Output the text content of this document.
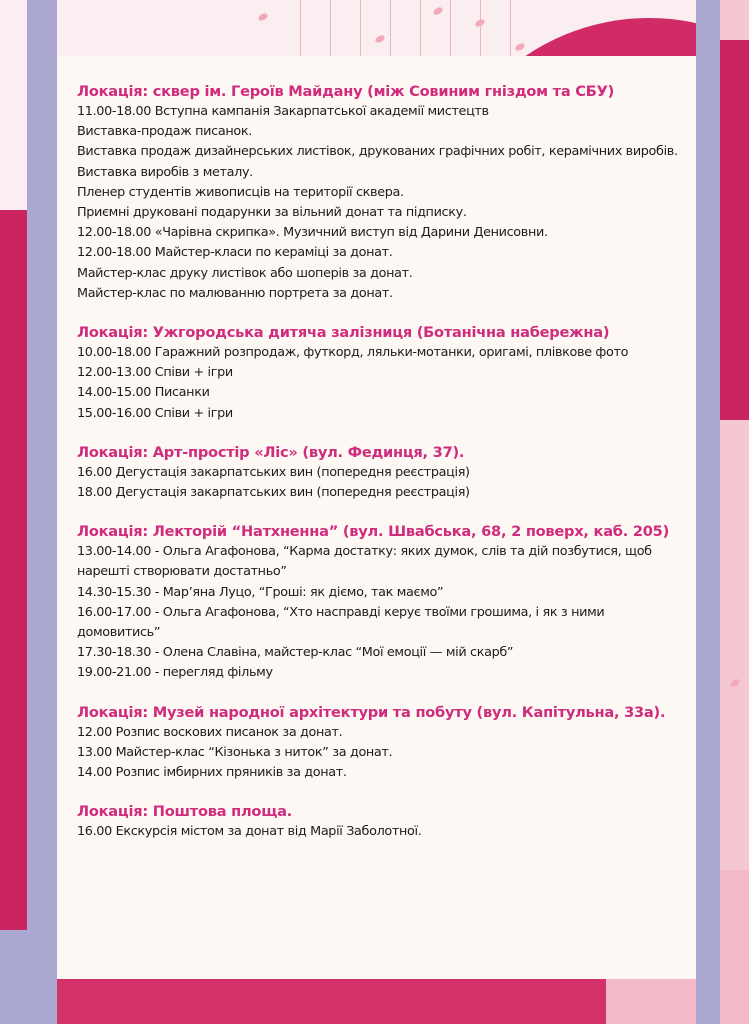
Локація: сквер ім. Героїв Майдану (між Совиним гніздом та СБУ)
11.00-18.00 Вступна кампанія Закарпатської академії мистецтв
Виставка-продаж писанок.
Виставка продаж дизайнерських листівок, друкованих графічних робіт, керамічних виробів.
Виставка виробів з металу.
Пленер студентів живописців на території сквера.
Приємні друковані подарунки за вільний донат та підписку.
12.00-18.00 «Чарівна скрипка». Музичний виступ від Дарини Денисовни.
12.00-18.00 Майстер-класи по кераміці за донат.
Майстер-клас друку листівок або шоперів за донат.
Майстер-клас по малюванню портрета за донат.
Локація: Ужгородська дитяча залізниця (Ботанічна набережна)
10.00-18.00 Гаражний розпродаж, футкорд, ляльки-мотанки, оригамі, плівкове фото
12.00-13.00 Співи + ігри
14.00-15.00 Писанки
15.00-16.00 Співи + ігри
Локація: Арт-простір «Ліс» (вул. Фединця, 37).
16.00 Дегустація закарпатських вин (попередня реєстрація)
18.00 Дегустація закарпатських вин (попередня реєстрація)
Локація: Лекторій “Натхненна” (вул. Швабська, 68, 2 поверх, каб. 205)
13.00-14.00 - Ольга Агафонова, “Карма достатку: яких думок, слів та дій позбутися, щоб
нарешті створювати достатньо”
14.30-15.30 - Мар’яна Луцо, “Гроші: як діємо, так маємо”
16.00-17.00 - Ольга Агафонова, “Хто насправді керує твоїми грошима, і як з ними
домовитись”
17.30-18.30 - Олена Славіна, майстер-клас “Мої емоції — мій скарб”
19.00-21.00 - перегляд фільму
Локація: Музей народної архітектури та побуту (вул. Капітульна, 33а).
12.00 Розпис воскових писанок за донат.
13.00 Майстер-клас “Кізонька з ниток” за донат.
14.00 Розпис імбирних пряників за донат.
Локація: Поштова площа.
16.00 Екскурсія містом за донат від Марії Заболотної.
